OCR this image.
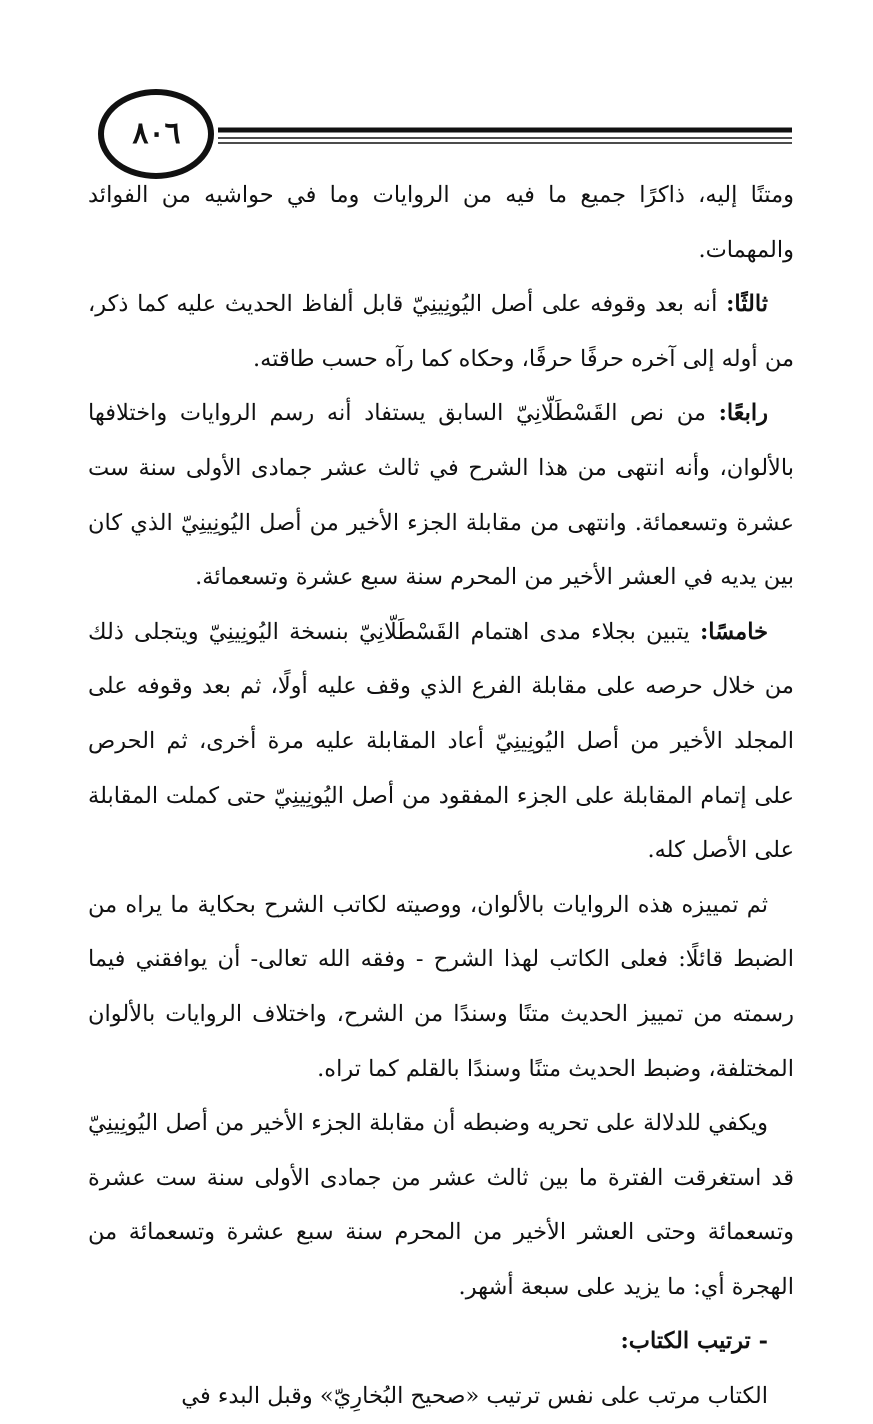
٨٠٦

ومتنًا إليه، ذاكرًا جميع ما فيه من الروايات وما في حواشيه من الفوائد والمهمات.

ثالثًا: أنه بعد وقوفه على أصل اليُونِينِيّ قابل ألفاظ الحديث عليه كما ذكر، من أوله إلى آخره حرفًا حرفًا، وحكاه كما رآه حسب طاقته.

رابعًا: من نص القَسْطَلّانِيّ السابق يستفاد أنه رسم الروايات واختلافها بالألوان، وأنه انتهى من هذا الشرح في ثالث عشر جمادى الأولى سنة ست عشرة وتسعمائة. وانتهى من مقابلة الجزء الأخير من أصل اليُونِينِيّ الذي كان بين يديه في العشر الأخير من المحرم سنة سبع عشرة وتسعمائة.

خامسًا: يتبين بجلاء مدى اهتمام القَسْطَلّانِيّ بنسخة اليُونِينِيّ ويتجلى ذلك من خلال حرصه على مقابلة الفرع الذي وقف عليه أولًا، ثم بعد وقوفه على المجلد الأخير من أصل اليُونِينِيّ أعاد المقابلة عليه مرة أخرى، ثم الحرص على إتمام المقابلة على الجزء المفقود من أصل اليُونِينِيّ حتى كملت المقابلة على الأصل كله.

ثم تمييزه هذه الروايات بالألوان، ووصيته لكاتب الشرح بحكاية ما يراه من الضبط قائلًا: فعلى الكاتب لهذا الشرح - وفقه الله تعالى- أن يوافقني فيما رسمته من تمييز الحديث متنًا وسندًا من الشرح، واختلاف الروايات بالألوان المختلفة، وضبط الحديث متنًا وسندًا بالقلم كما تراه.

ويكفي للدلالة على تحريه وضبطه أن مقابلة الجزء الأخير من أصل اليُونِينِيّ قد استغرقت الفترة ما بين ثالث عشر من جمادى الأولى سنة ست عشرة وتسعمائة وحتى العشر الأخير من المحرم سنة سبع عشرة وتسعمائة من الهجرة أي: ما يزيد على سبعة أشهر.

- ترتيب الكتاب:

الكتاب مرتب على نفس ترتيب «صحيح البُخارِيّ» وقبل البدء في
